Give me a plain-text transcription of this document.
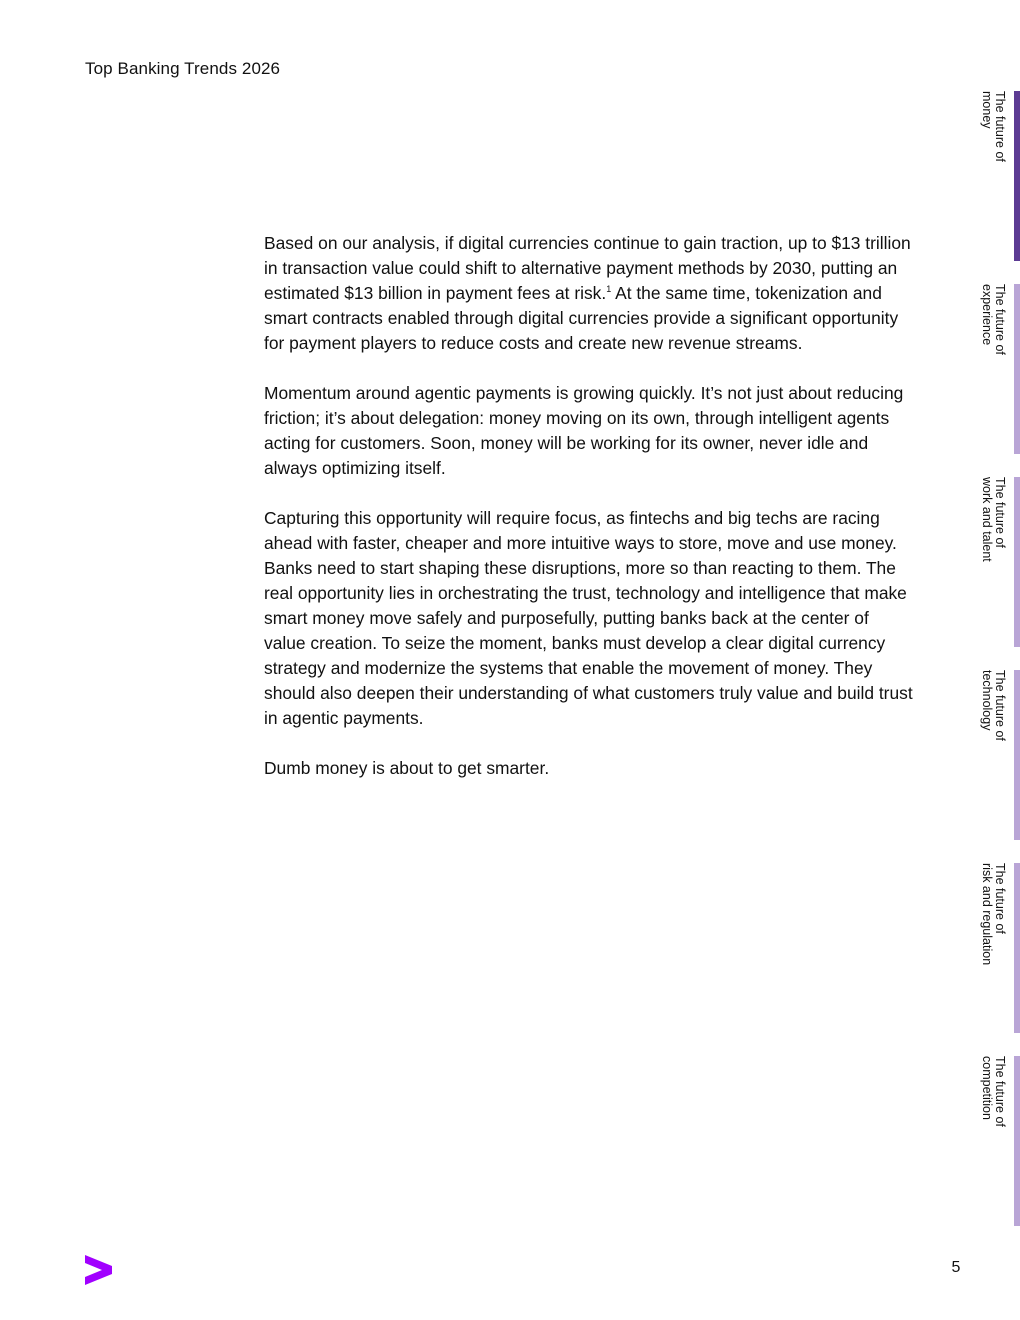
Top Banking Trends 2026

Based on our analysis, if digital currencies continue to gain traction, up to $13 trillion in transaction value could shift to alternative payment methods by 2030, putting an estimated $13 billion in payment fees at risk.$^1$ At the same time, tokenization and smart contracts enabled through digital currencies provide a significant opportunity for payment players to reduce costs and create new revenue streams.

Momentum around agentic payments is growing quickly. It’s not just about reducing friction; it’s about delegation: money moving on its own, through intelligent agents acting for customers. Soon, money will be working for its owner, never idle and always optimizing itself.

Capturing this opportunity will require focus, as fintechs and big techs are racing ahead with faster, cheaper and more intuitive ways to store, move and use money. Banks need to start shaping these disruptions, more so than reacting to them. The real opportunity lies in orchestrating the trust, technology and intelligence that make smart money move safely and purposefully, putting banks back at the center of value creation. To seize the moment, banks must develop a clear digital currency strategy and modernize the systems that enable the movement of money. They should also deepen their understanding of what customers truly value and build trust in agentic payments.

Dumb money is about to get smarter.

The future of
money
The future of
experience
The future of
work and talent
The future of
technology
The future of
risk and regulation
The future of
competition
5
